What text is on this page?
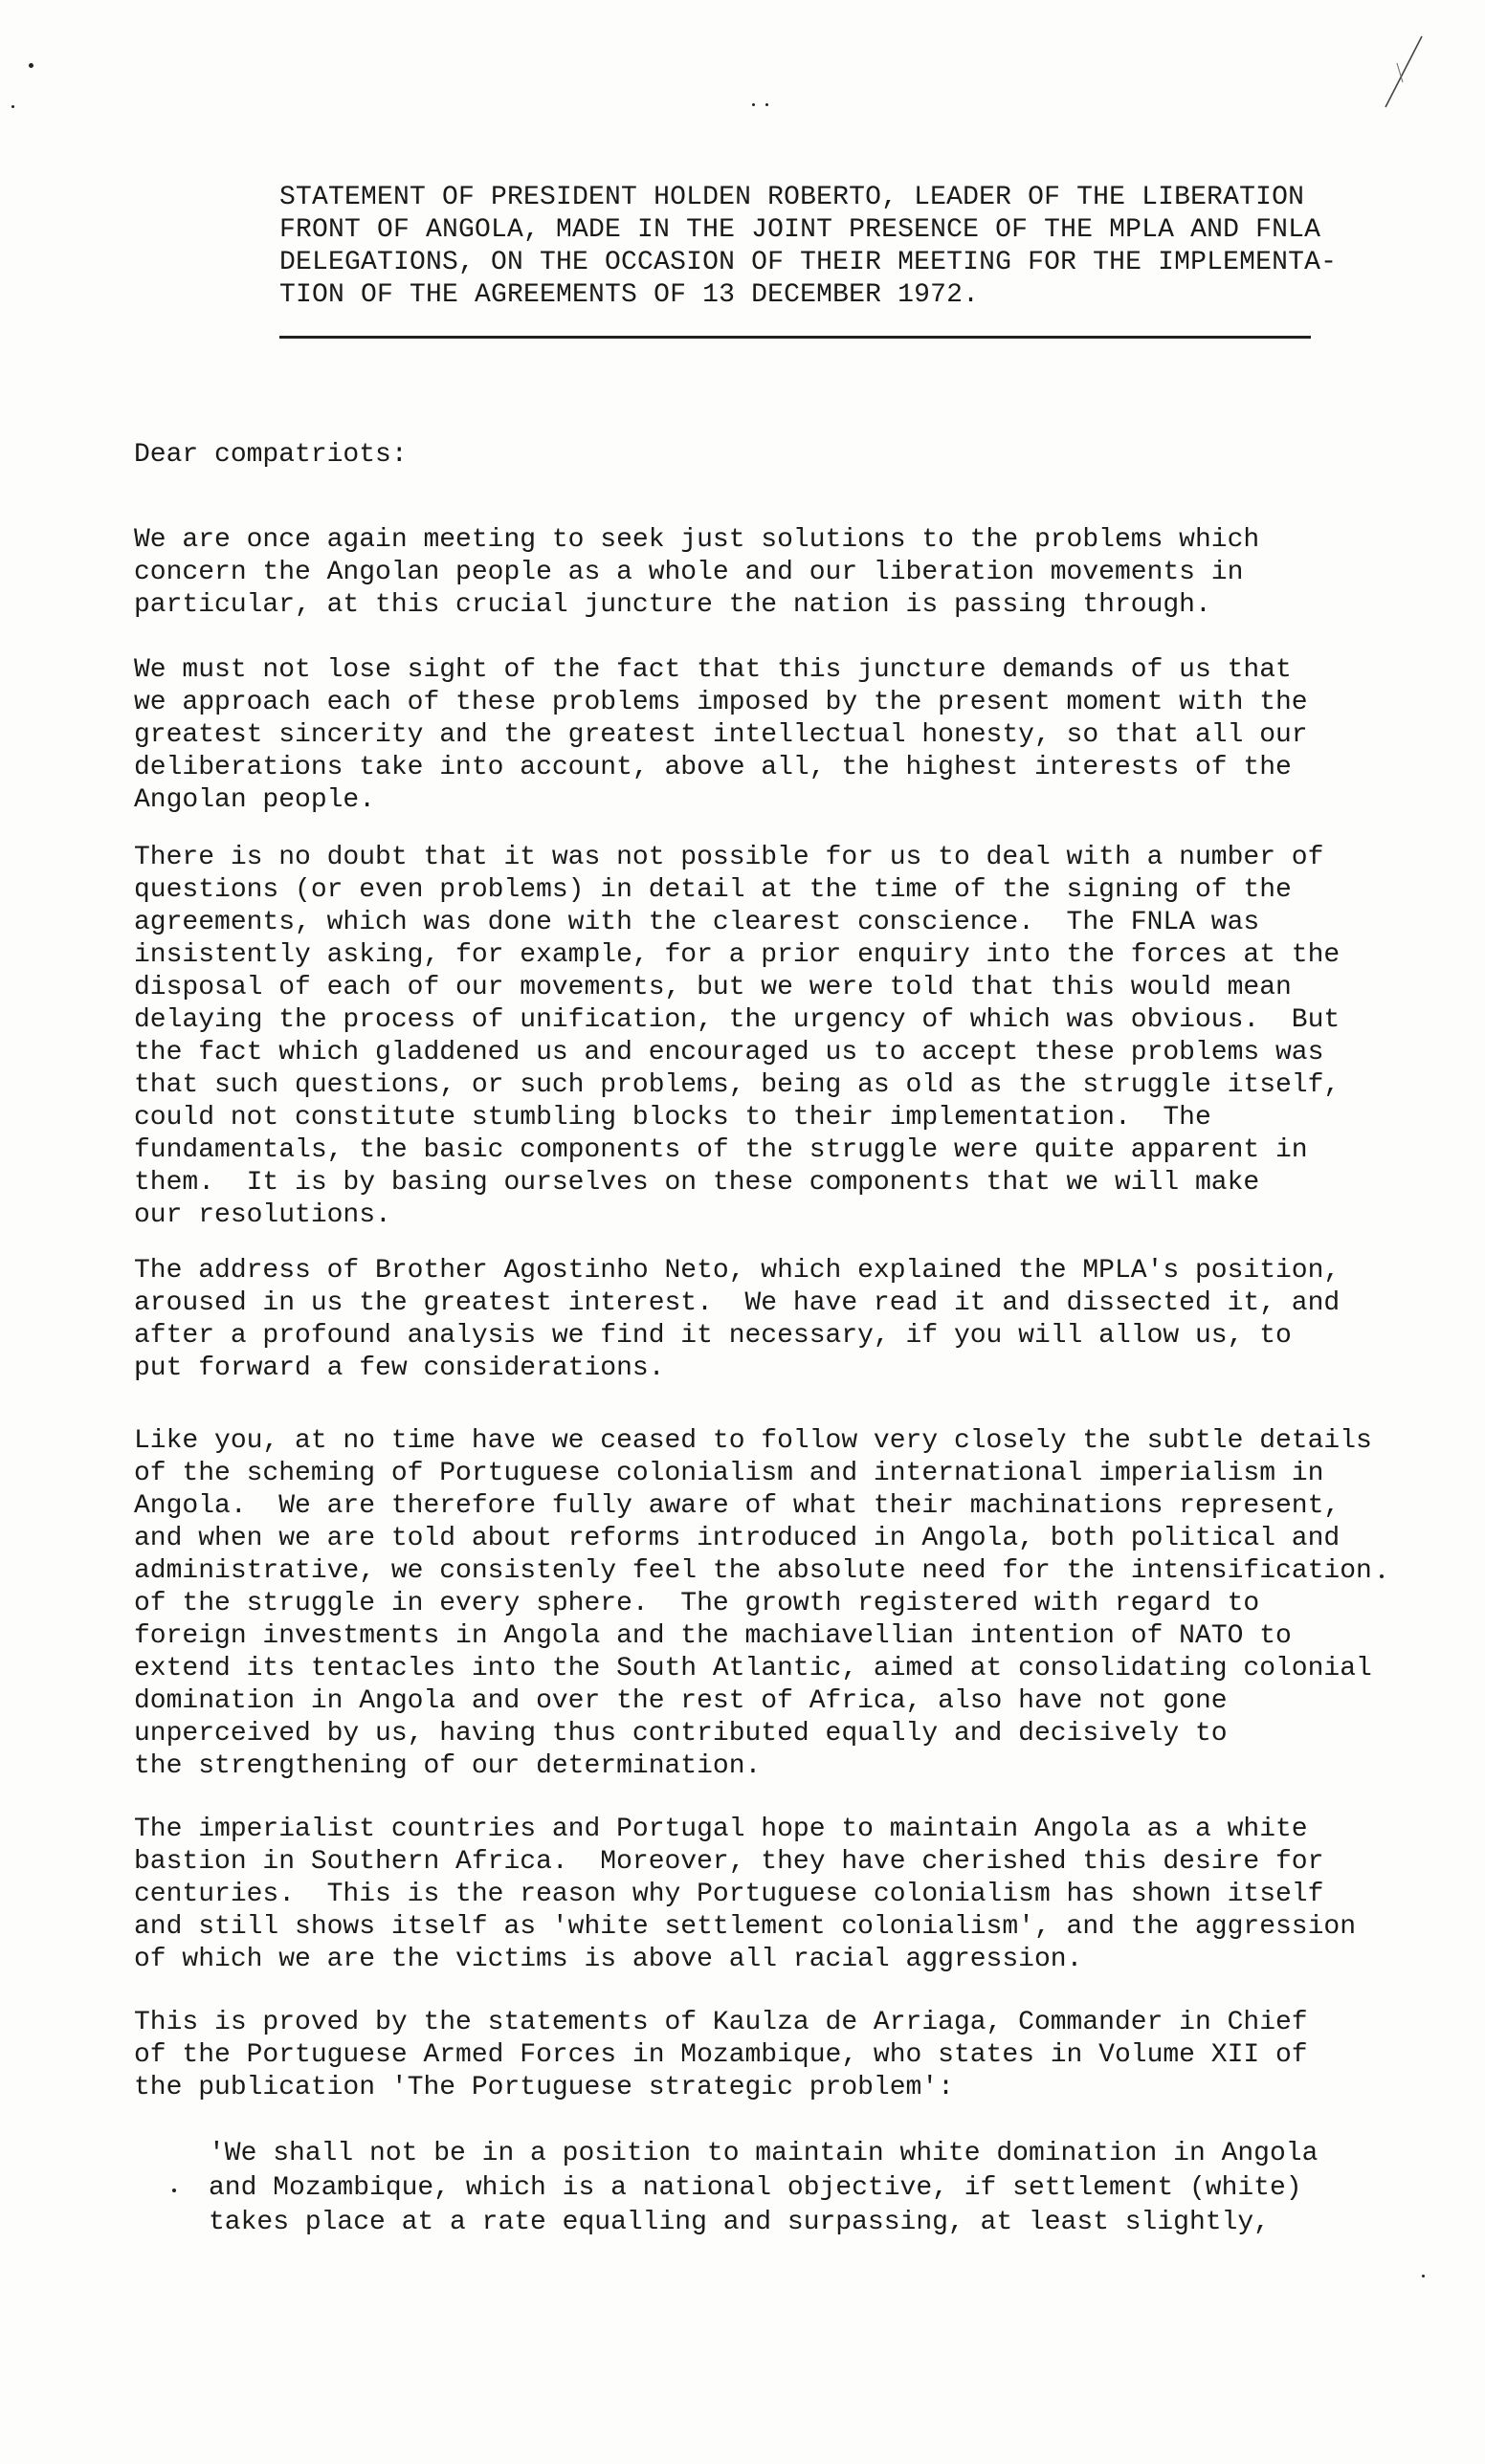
STATEMENT OF PRESIDENT HOLDEN ROBERTO, LEADER OF THE LIBERATION
FRONT OF ANGOLA, MADE IN THE JOINT PRESENCE OF THE MPLA AND FNLA
DELEGATIONS, ON THE OCCASION OF THEIR MEETING FOR THE IMPLEMENTA-
TION OF THE AGREEMENTS OF 13 DECEMBER 1972.
Dear compatriots:
We are once again meeting to seek just solutions to the problems which
concern the Angolan people as a whole and our liberation movements in
particular, at this crucial juncture the nation is passing through.
We must not lose sight of the fact that this juncture demands of us that
we approach each of these problems imposed by the present moment with the
greatest sincerity and the greatest intellectual honesty, so that all our
deliberations take into account, above all, the highest interests of the
Angolan people.
There is no doubt that it was not possible for us to deal with a number of
questions (or even problems) in detail at the time of the signing of the
agreements, which was done with the clearest conscience.  The FNLA was
insistently asking, for example, for a prior enquiry into the forces at the
disposal of each of our movements, but we were told that this would mean
delaying the process of unification, the urgency of which was obvious.  But
the fact which gladdened us and encouraged us to accept these problems was
that such questions, or such problems, being as old as the struggle itself,
could not constitute stumbling blocks to their implementation.  The
fundamentals, the basic components of the struggle were quite apparent in
them.  It is by basing ourselves on these components that we will make
our resolutions.
The address of Brother Agostinho Neto, which explained the MPLA's position,
aroused in us the greatest interest.  We have read it and dissected it, and
after a profound analysis we find it necessary, if you will allow us, to
put forward a few considerations.
Like you, at no time have we ceased to follow very closely the subtle details
of the scheming of Portuguese colonialism and international imperialism in
Angola.  We are therefore fully aware of what their machinations represent,
and when we are told about reforms introduced in Angola, both political and
administrative, we consistenly feel the absolute need for the intensification
of the struggle in every sphere.  The growth registered with regard to
foreign investments in Angola and the machiavellian intention of NATO to
extend its tentacles into the South Atlantic, aimed at consolidating colonial
domination in Angola and over the rest of Africa, also have not gone
unperceived by us, having thus contributed equally and decisively to
the strengthening of our determination.
The imperialist countries and Portugal hope to maintain Angola as a white
bastion in Southern Africa.  Moreover, they have cherished this desire for
centuries.  This is the reason why Portuguese colonialism has shown itself
and still shows itself as 'white settlement colonialism', and the aggression
of which we are the victims is above all racial aggression.
This is proved by the statements of Kaulza de Arriaga, Commander in Chief
of the Portuguese Armed Forces in Mozambique, who states in Volume XII of
the publication 'The Portuguese strategic problem':
'We shall not be in a position to maintain white domination in Angola
and Mozambique, which is a national objective, if settlement (white)
takes place at a rate equalling and surpassing, at least slightly,
